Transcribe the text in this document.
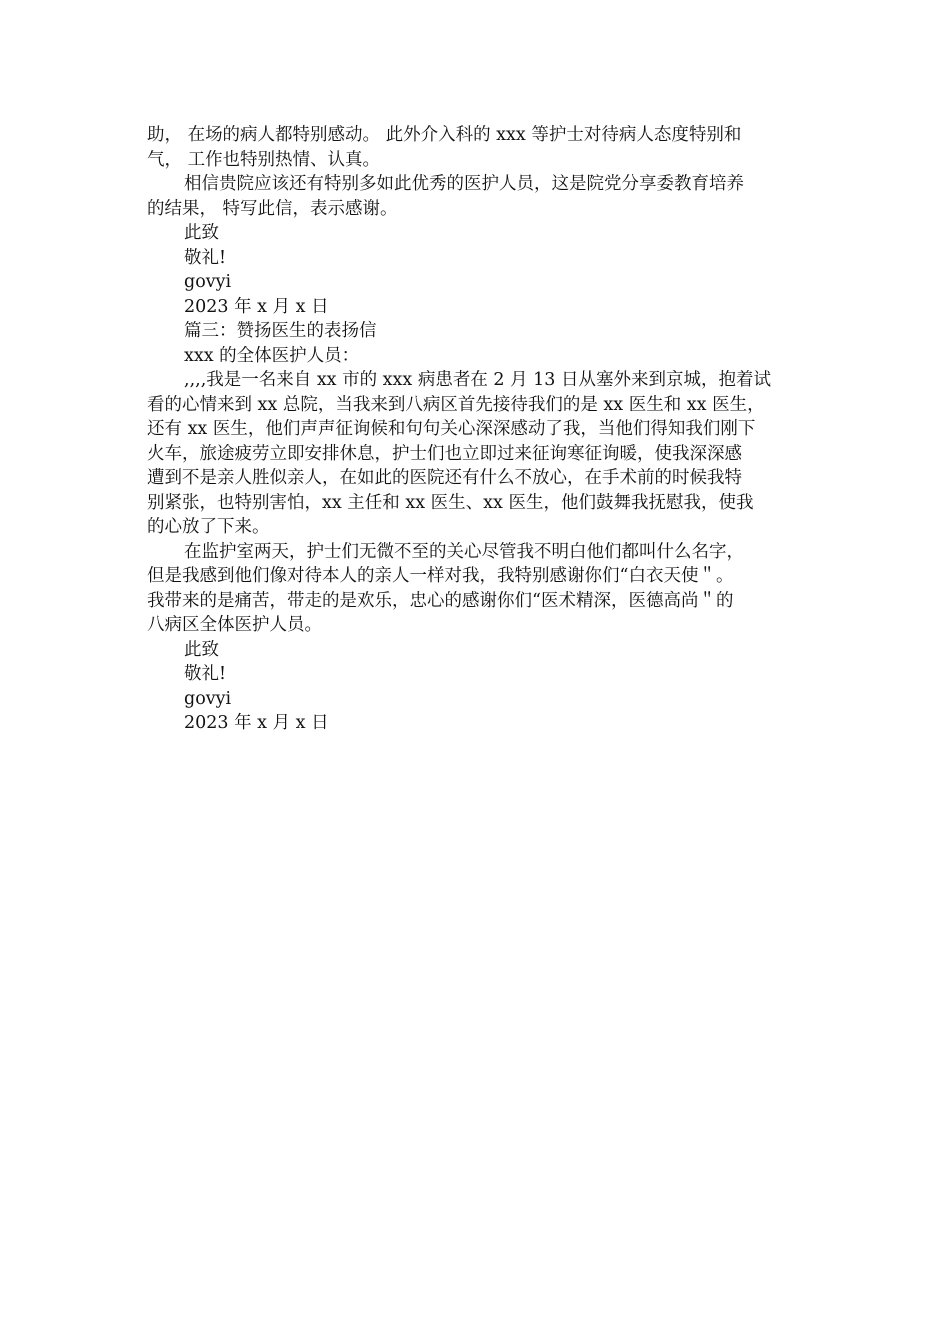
助， 在场的病人都特别感动。 此外介入科的 xxx 等护士对待病人态度特别和
气， 工作也特别热情、认真。

相信贵院应该还有特别多如此优秀的医护人员，这是院党分享委教育培养
的结果， 特写此信，表示感谢。

此致

敬礼!

govyi

2023 年 x 月 x 日

篇三：赞扬医生的表扬信

xxx 的全体医护人员：

,,,,我是一名来自 xx 市的 xxx 病患者在 2 月 13 日从塞外来到京城，抱着试
看的心情来到 xx 总院，当我来到八病区首先接待我们的是 xx 医生和 xx 医生，
还有 xx 医生，他们声声征询候和句句关心深深感动了我，当他们得知我们刚下
火车，旅途疲劳立即安排休息，护士们也立即过来征询寒征询暖，使我深深感
遭到不是亲人胜似亲人，在如此的医院还有什么不放心，在手术前的时候我特
别紧张，也特别害怕，xx 主任和 xx 医生、xx 医生，他们鼓舞我抚慰我，使我
的心放了下来。

在监护室两天，护士们无微不至的关心尽管我不明白他们都叫什么名字，
但是我感到他们像对待本人的亲人一样对我，我特别感谢你们“白衣天使＂。
我带来的是痛苦，带走的是欢乐，忠心的感谢你们“医术精深，医德高尚＂的
八病区全体医护人员。

此致

敬礼!

govyi

2023 年 x 月 x 日
